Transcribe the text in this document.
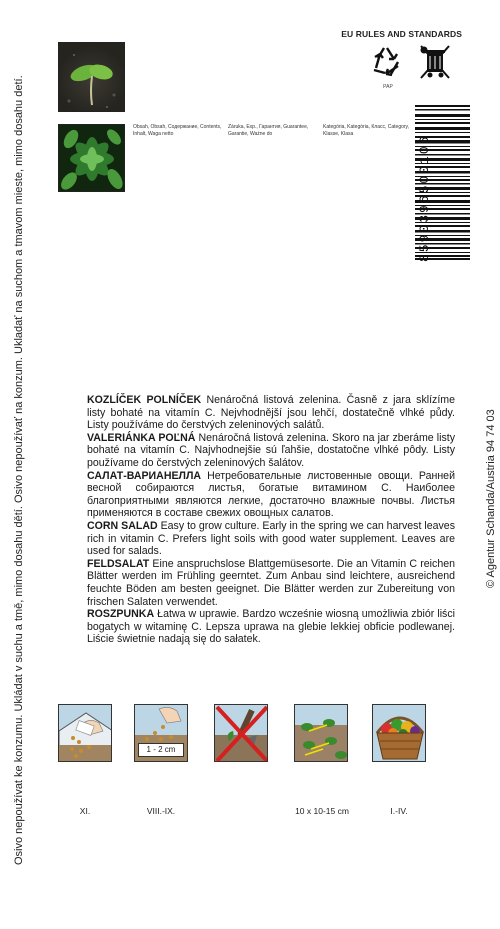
Osivo nepoužívat ke konzumu. Ukládat v suchu a tmě, mimo dosahu dětí. Osivo nepoužívať na konzum. Ukladať na suchom a tmavom mieste, mimo dosahu detí.	© Agentur Schanda/Austria 94 74 03
Obsah, Obsah, Содержание, Contents, Inhalt, Waga netto
Záruka, Exp., Гарантия, Guarantee, Garantie, Ważne do
Kategória, Kategória, Класс, Category, Klasse, Klasa
EU RULES AND STANDARDS
PAP
8590396500106

KOZLÍČEK POLNÍČEK Nenáročná listová zelenina. Časně z jara sklízíme listy bohaté na vitamín C. Nejvhodnější jsou lehčí, dostatečně vlhké půdy. Listy používáme do čerstvých zeleninových salátů.

VALERIÁNKA POĽNÁ Nenáročná listová zelenina. Skoro na jar zberáme listy bohaté na vitamín C. Najvhodnejšie sú ľahšie, dostatočne vlhké pôdy. Listy používame do čerstvých zeleninových šalátov.

САЛАТ-ВАРИАНЕЛЛА Нетребовательные листовенные овощи. Ранней весной собираются листья, богатые витамином С. Наиболее благоприятными являются легкие, достаточно влажные почвы. Листья применяются в составе свежих овощных салатов.

CORN SALAD Easy to grow culture. Early in the spring we can harvest leaves rich in vitamin C. Prefers light soils with good water supplement. Leaves are used for salads.

FELDSALAT Eine anspruchslose Blattgemüsesorte. Die an Vitamin C reichen Blätter werden im Frühling geerntet. Zum Anbau sind leichtere, ausreichend feuchte Böden am besten geeignet. Die Blätter werden zur Zubereitung von frischen Salaten verwendet.

ROSZPUNKA Łatwa w uprawie. Bardzo wcześnie wiosną umożliwia zbiór liści bogatych w witaminę C. Lepsza uprawa na glebie lekkiej obficie podlewanej. Liście świetnie nadają się do sałatek.

1 - 2 cm
XI.	VIII.-IX.	10 x 10-15 cm	I.-IV.
